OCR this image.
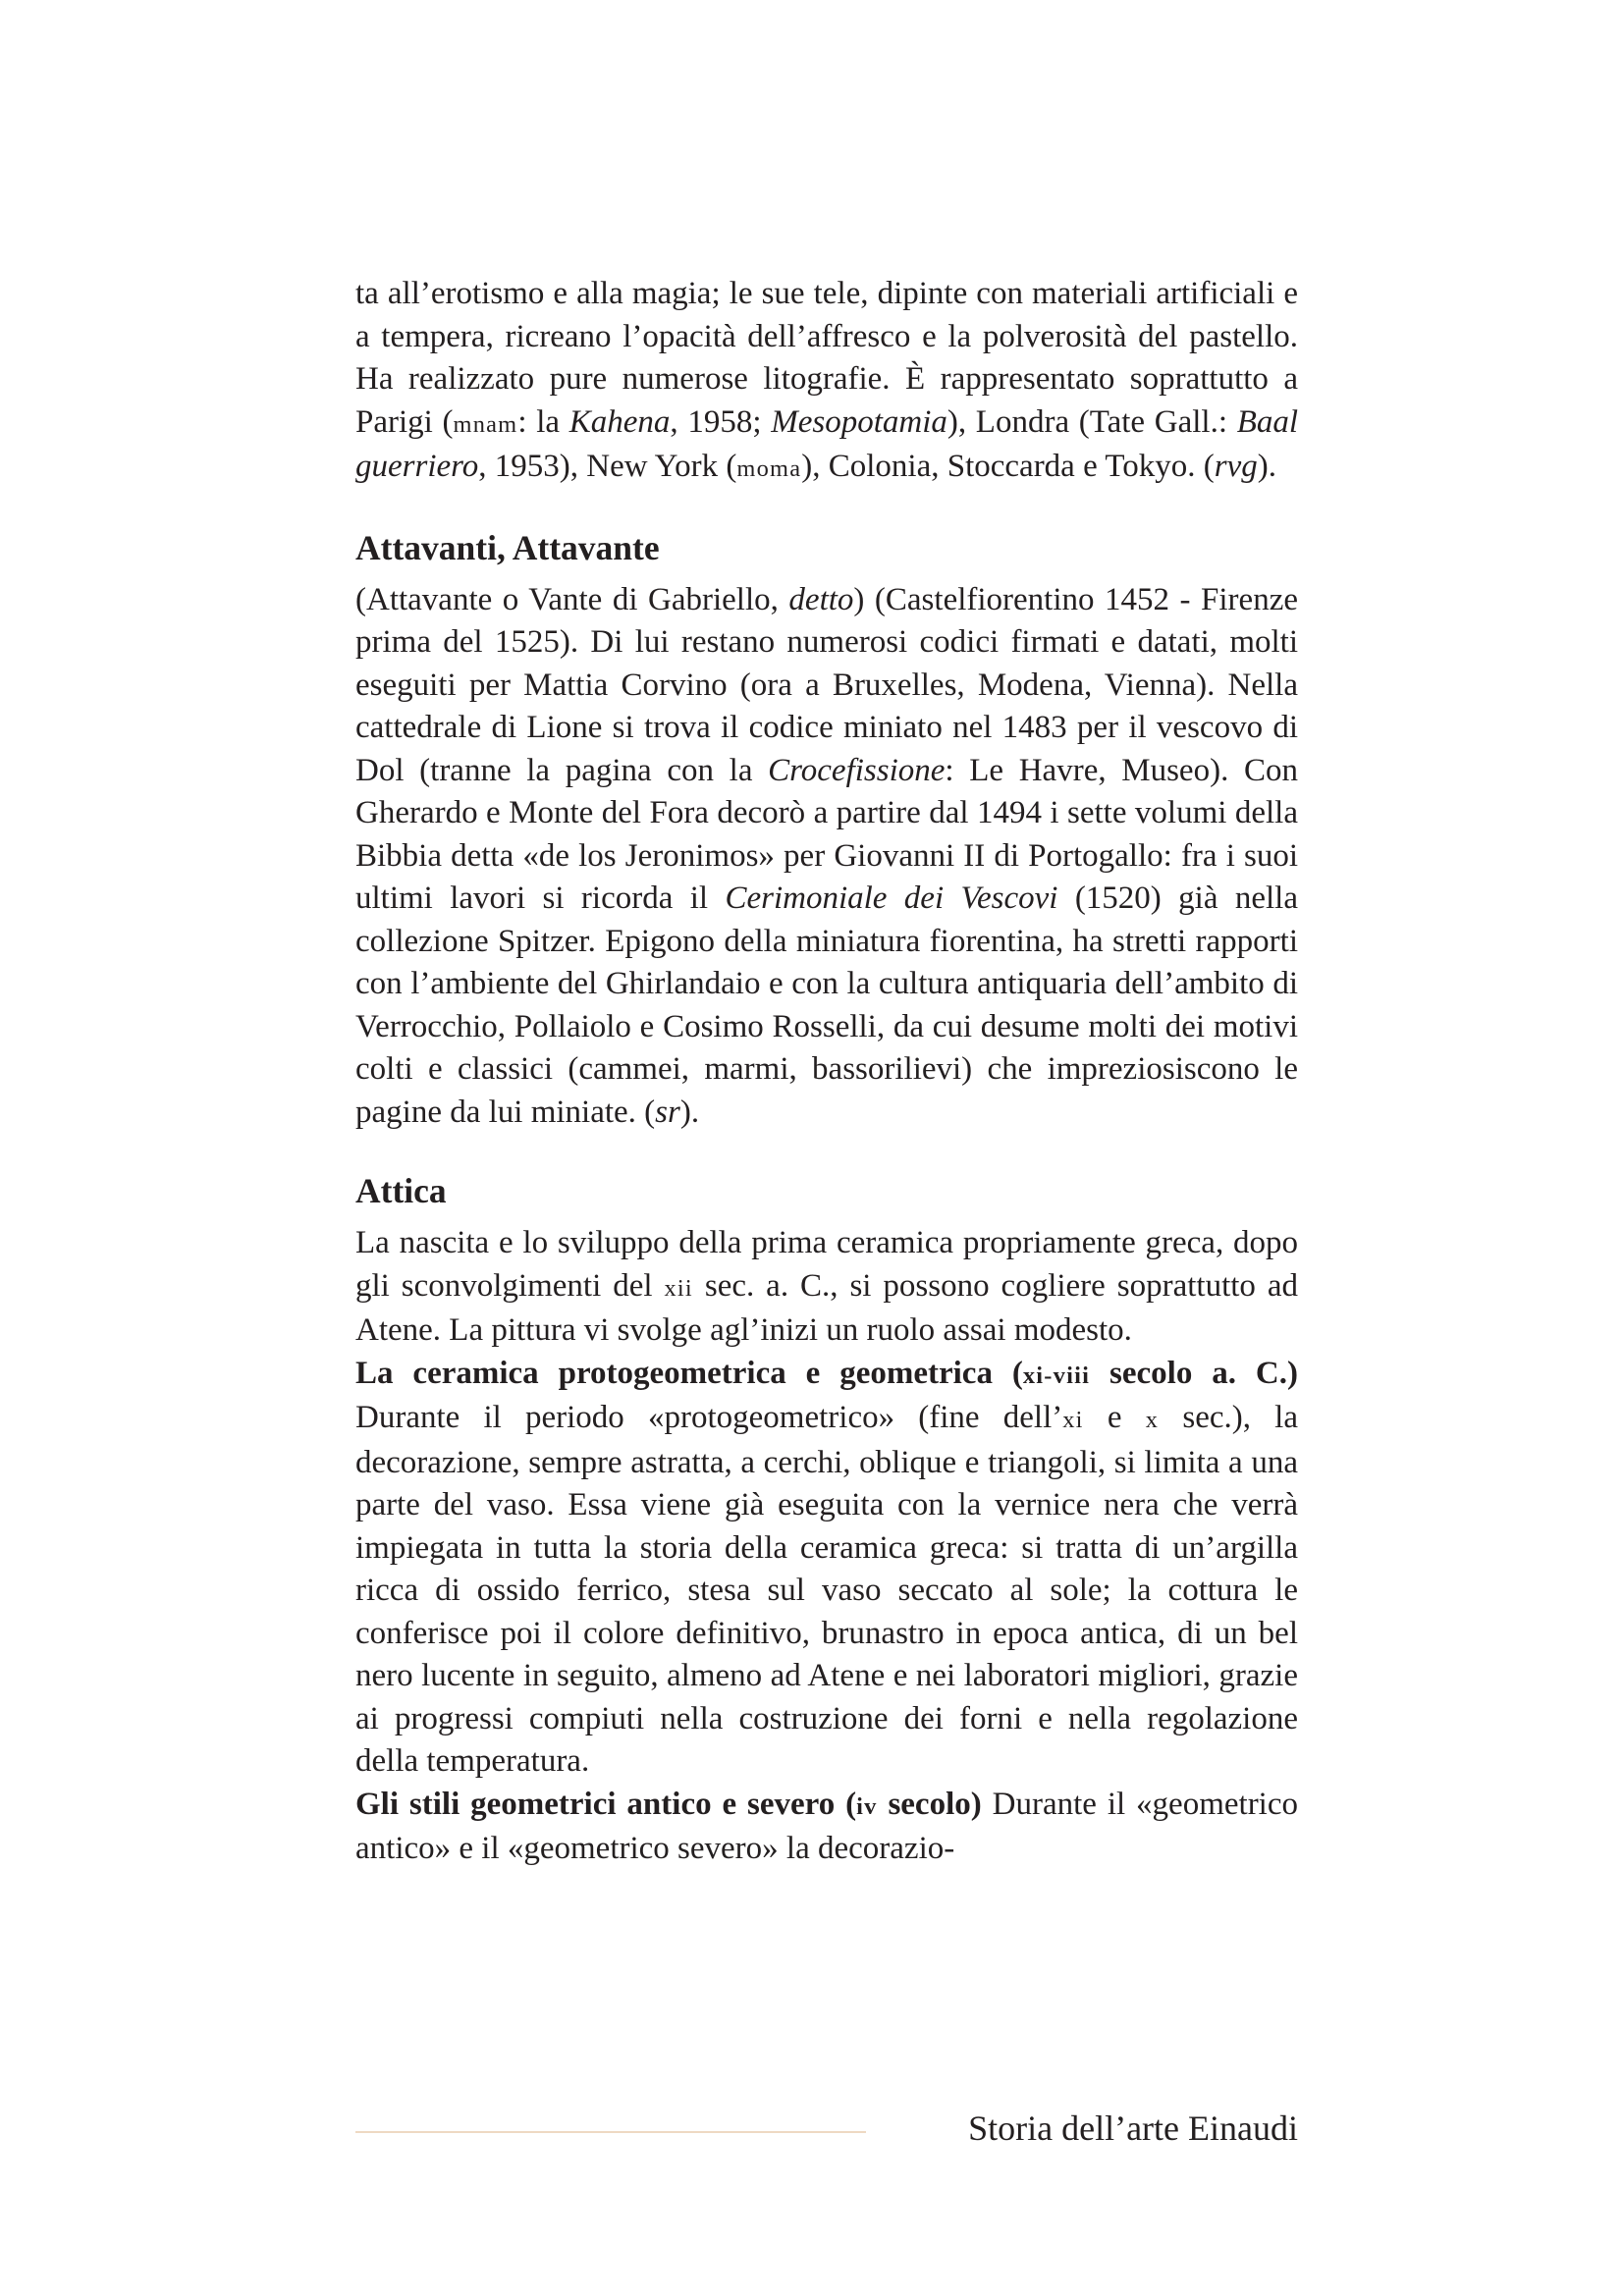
ta all’erotismo e alla magia; le sue tele, dipinte con materiali artificiali e a tempera, ricreano l’opacità dell’affresco e la polverosità del pastello. Ha realizzato pure numerose litografie. È rappresentato soprattutto a Parigi (mnam: la Kahena, 1958; Mesopotamia), Londra (Tate Gall.: Baal guerriero, 1953), New York (moma), Colonia, Stoccarda e Tokyo. (rvg).

Attavanti, Attavante

(Attavante o Vante di Gabriello, detto) (Castelfiorentino 1452 - Firenze prima del 1525). Di lui restano numerosi codici firmati e datati, molti eseguiti per Mattia Corvino (ora a Bruxelles, Modena, Vienna). Nella cattedrale di Lione si trova il codice miniato nel 1483 per il vescovo di Dol (tranne la pagina con la Crocefissione: Le Havre, Museo). Con Gherardo e Monte del Fora decorò a partire dal 1494 i sette volumi della Bibbia detta «de los Jeronimos» per Giovanni II di Portogallo: fra i suoi ultimi lavori si ricorda il Cerimoniale dei Vescovi (1520) già nella collezione Spitzer. Epigono della miniatura fiorentina, ha stretti rapporti con l’ambiente del Ghirlandaio e con la cultura antiquaria dell’ambito di Verrocchio, Pollaiolo e Cosimo Rosselli, da cui desume molti dei motivi colti e classici (cammei, marmi, bassorilievi) che impreziosiscono le pagine da lui miniate. (sr).

Attica

La nascita e lo sviluppo della prima ceramica propriamente greca, dopo gli sconvolgimenti del xii sec. a. C., si possono cogliere soprattutto ad Atene. La pittura vi svolge agl’inizi un ruolo assai modesto.

La ceramica protogeometrica e geometrica (xi-viii secolo a. C.) Durante il periodo «protogeometrico» (fine dell’xi e x sec.), la decorazione, sempre astratta, a cerchi, oblique e triangoli, si limita a una parte del vaso. Essa viene già eseguita con la vernice nera che verrà impiegata in tutta la storia della ceramica greca: si tratta di un’argilla ricca di ossido ferrico, stesa sul vaso seccato al sole; la cottura le conferisce poi il colore definitivo, brunastro in epoca antica, di un bel nero lucente in seguito, almeno ad Atene e nei laboratori migliori, grazie ai progressi compiuti nella costruzione dei forni e nella regolazione della temperatura.

Gli stili geometrici antico e severo (iv secolo) Durante il «geometrico antico» e il «geometrico severo» la decorazio-

Storia dell’arte Einaudi
